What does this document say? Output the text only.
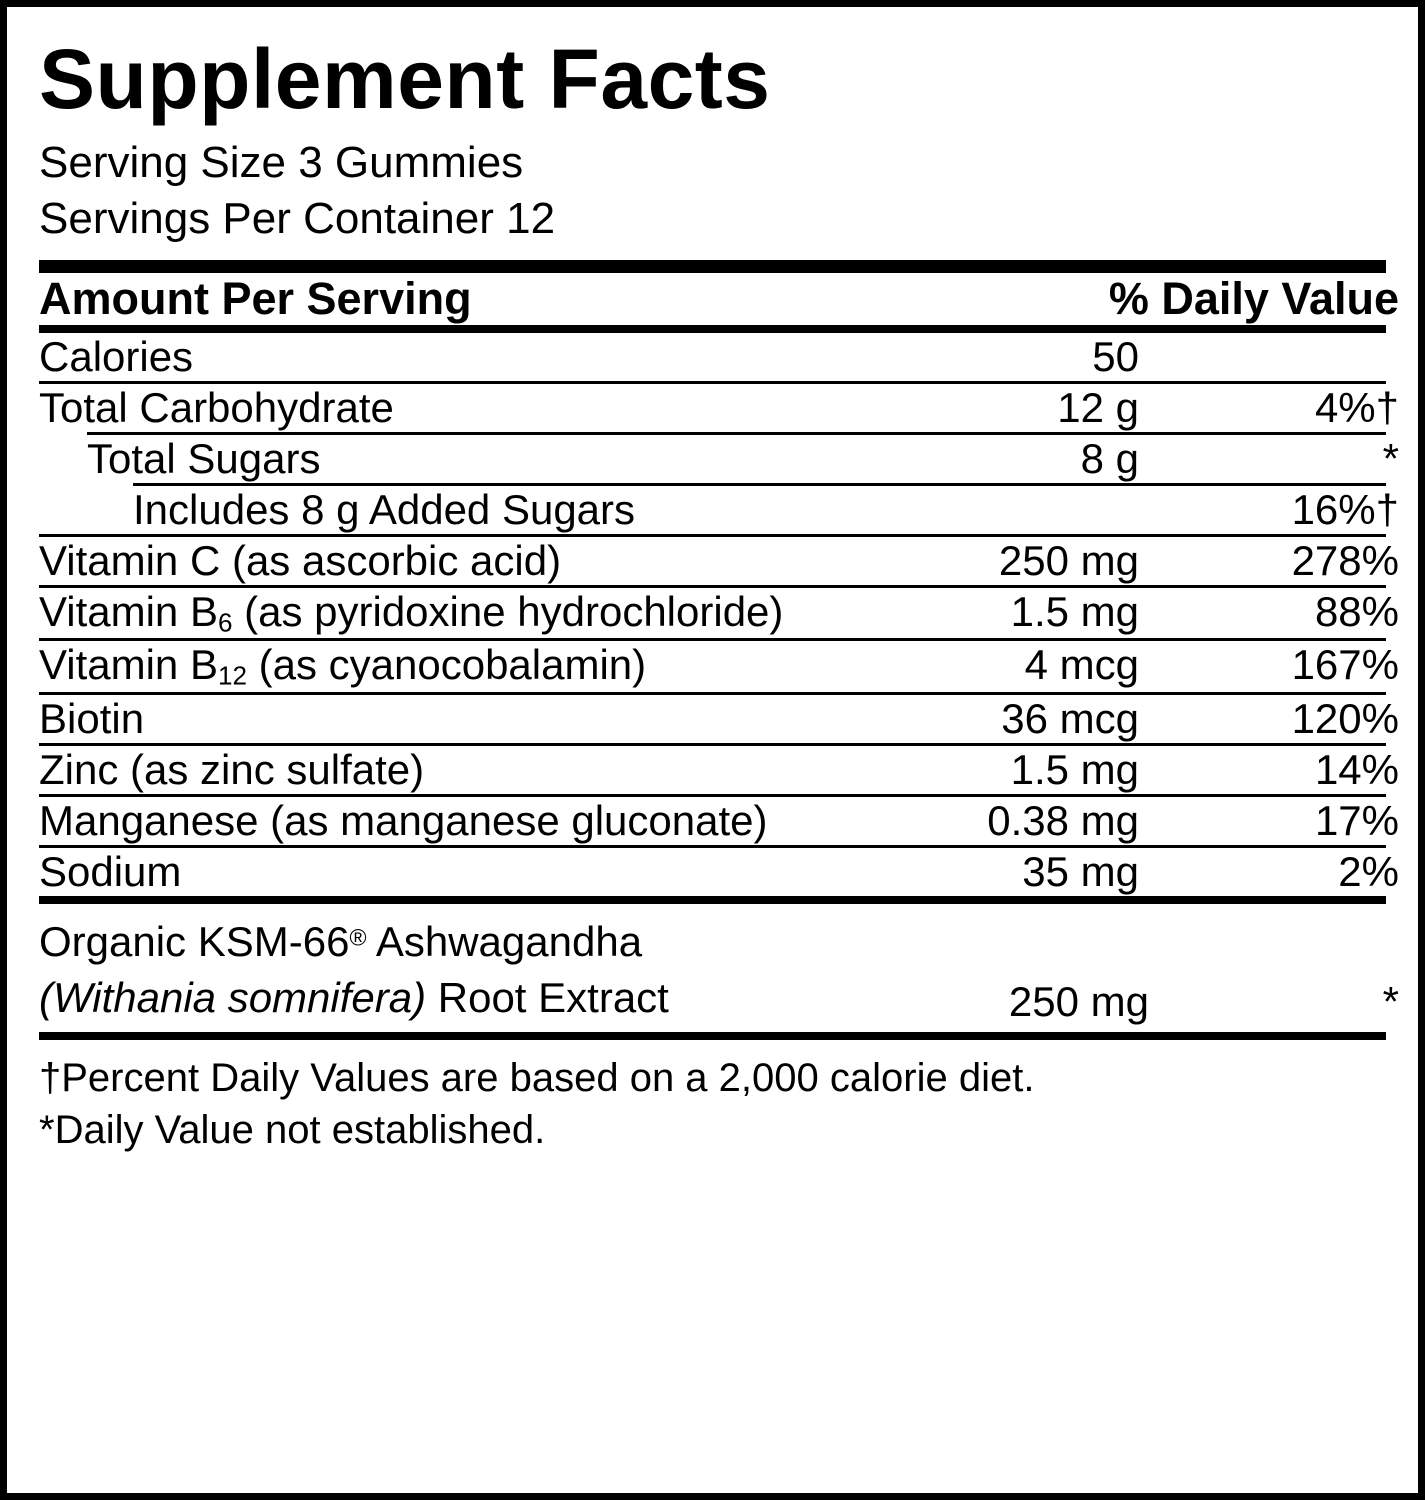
Supplement Facts
Serving Size 3 Gummies
Servings Per Container 12
Amount Per Serving	% Daily Value
Calories	50	
Total Carbohydrate	12 g	4%†
Total Sugars	8 g	*
Includes 8 g Added Sugars		16%†
Vitamin C (as ascorbic acid)	250 mg	278%
Vitamin $B_6$ (as pyridoxine hydrochloride)	1.5 mg	88%
Vitamin $B_{12}$ (as cyanocobalamin)	4 mcg	167%
Biotin	36 mcg	120%
Zinc (as zinc sulfate)	1.5 mg	14%
Manganese (as manganese gluconate)	0.38 mg	17%
Sodium	35 mg	2%
Organic KSM-66® Ashwagandha
(Withania somnifera) Root Extract	250 mg	*
†Percent Daily Values are based on a 2,000 calorie diet.
*Daily Value not established.
